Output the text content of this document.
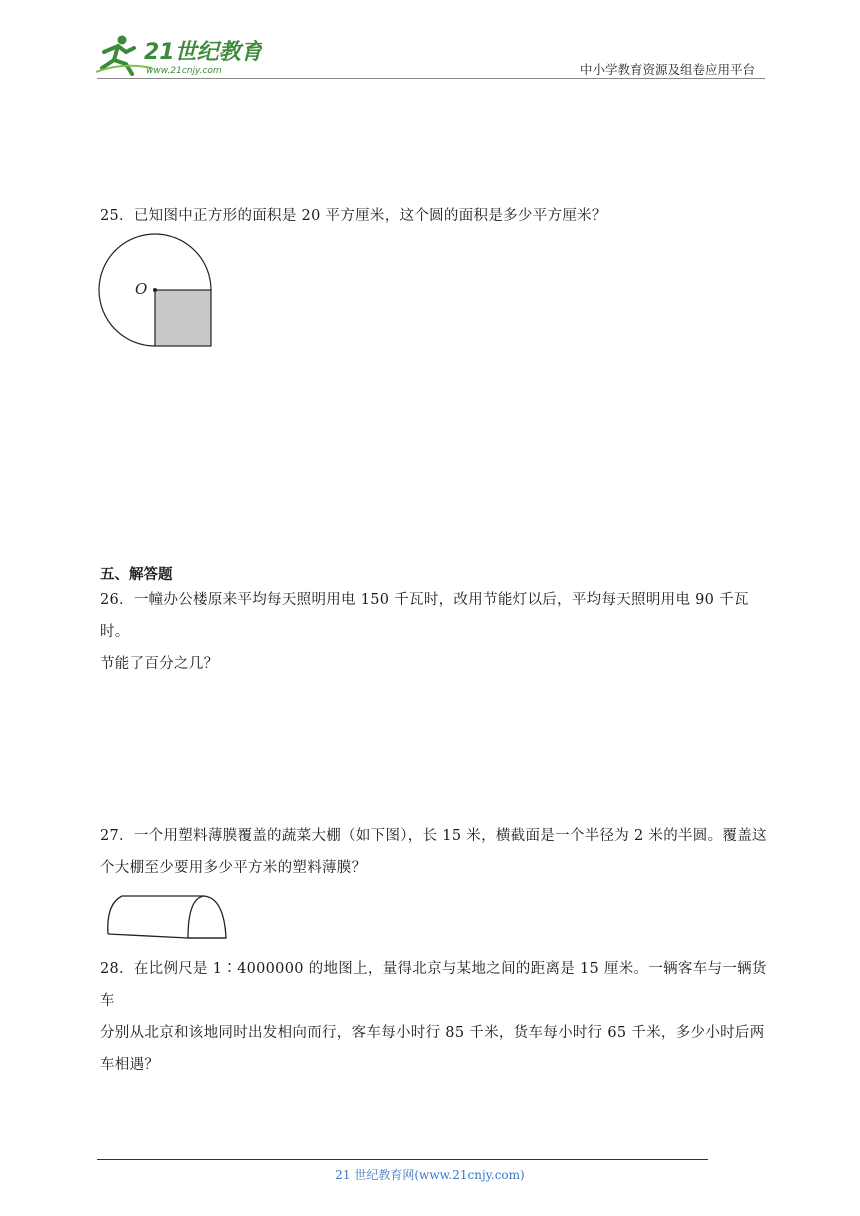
21世纪教育
www.21cnjy.com	中小学教育资源及组卷应用平台
25．已知图中正方形的面积是 20 平方厘米，这个圆的面积是多少平方厘米？
O
五、解答题
26．一幢办公楼原来平均每天照明用电 150 千瓦时，改用节能灯以后，平均每天照明用电 90 千瓦时。
节能了百分之几？
27．一个用塑料薄膜覆盖的蔬菜大棚（如下图），长 15 米，横截面是一个半径为 2 米的半圆。覆盖这
个大棚至少要用多少平方米的塑料薄膜？
28．在比例尺是 1∶4000000 的地图上，量得北京与某地之间的距离是 15 厘米。一辆客车与一辆货车
分别从北京和该地同时出发相向而行，客车每小时行 85 千米，货车每小时行 65 千米，多少小时后两
车相遇？
21 世纪教育网(www.21cnjy.com)
